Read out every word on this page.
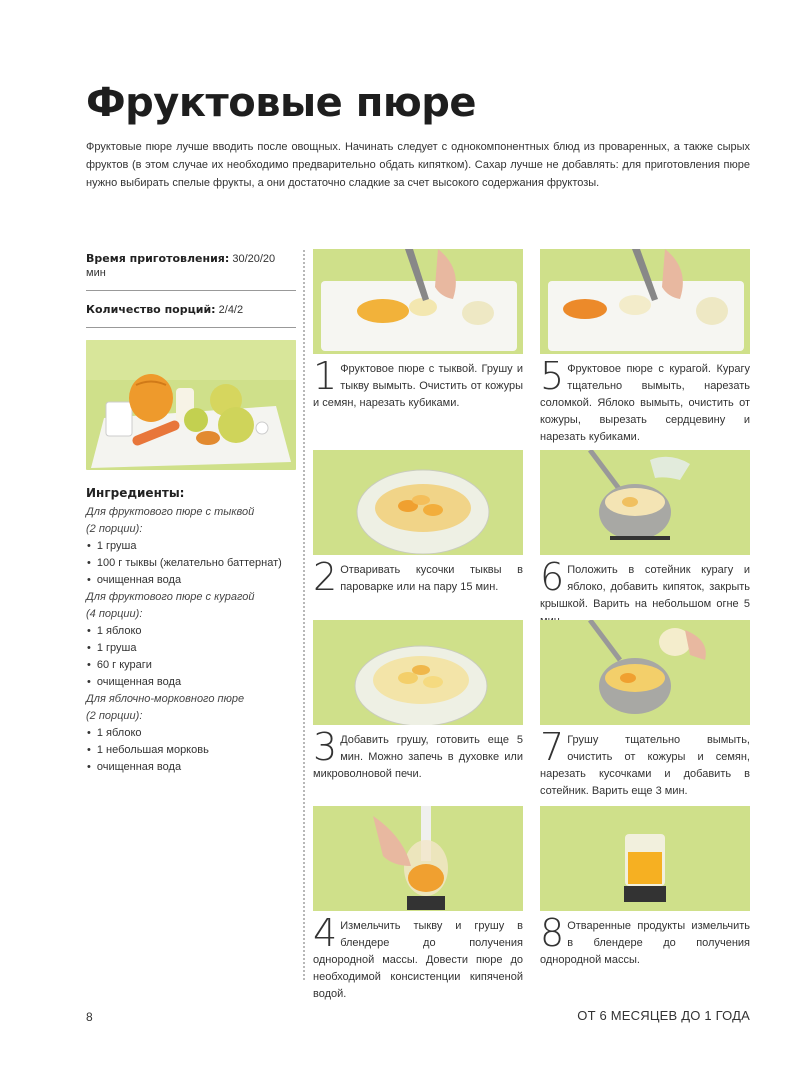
Фруктовые пюре

Фруктовые пюре лучше вводить после овощных. Начинать следует с однокомпонентных блюд из проваренных, а также сырых фруктов (в этом случае их необходимо предварительно обдать кипятком). Сахар лучше не добавлять: для приготовления пюре нужно выбирать спелые фрукты, а они достаточно сладкие за счет высокого содержания фруктозы.

Время приготовления: 30/20/20 мин
Количество порций: 2/4/2
Ингредиенты:
Для фруктового пюре с тыквой
(2 порции):
• 1 груша
• 100 г тыквы (желательно баттернат)
• очищенная вода
Для фруктового пюре с курагой
(4 порции):
• 1 яблоко
• 1 груша
• 60 г кураги
• очищенная вода
Для яблочно-морковного пюре
(2 порции):
• 1 яблоко
• 1 небольшая морковь
• очищенная вода
1 Фруктовое пюре с тыквой. Грушу и тыкву вымыть. Очистить от кожуры и семян, нарезать кубиками.
2 Отваривать кусочки тыквы в пароварке или на пару 15 мин.
3 Добавить грушу, готовить еще 5 мин. Можно запечь в духовке или микроволновой печи.
4 Измельчить тыкву и грушу в блендере до получения однородной массы. Довести пюре до необходимой консистенции кипяченой водой.
5 Фруктовое пюре с курагой. Курагу тщательно вымыть, нарезать соломкой. Яблоко вымыть, очистить от кожуры, вырезать сердцевину и нарезать кубиками.
6 Положить в сотейник курагу и яблоко, добавить кипяток, закрыть крышкой. Варить на небольшом огне 5
7 Грушу тщательно вымыть, очистить от кожуры и семян, нарезать кусочками и добавить в сотейник. Варить еще 3 мин.
8 Отваренные продукты измельчить в блендере до получения однородной массы.
8	ОТ 6 МЕСЯЦЕВ ДО 1 ГОДА
